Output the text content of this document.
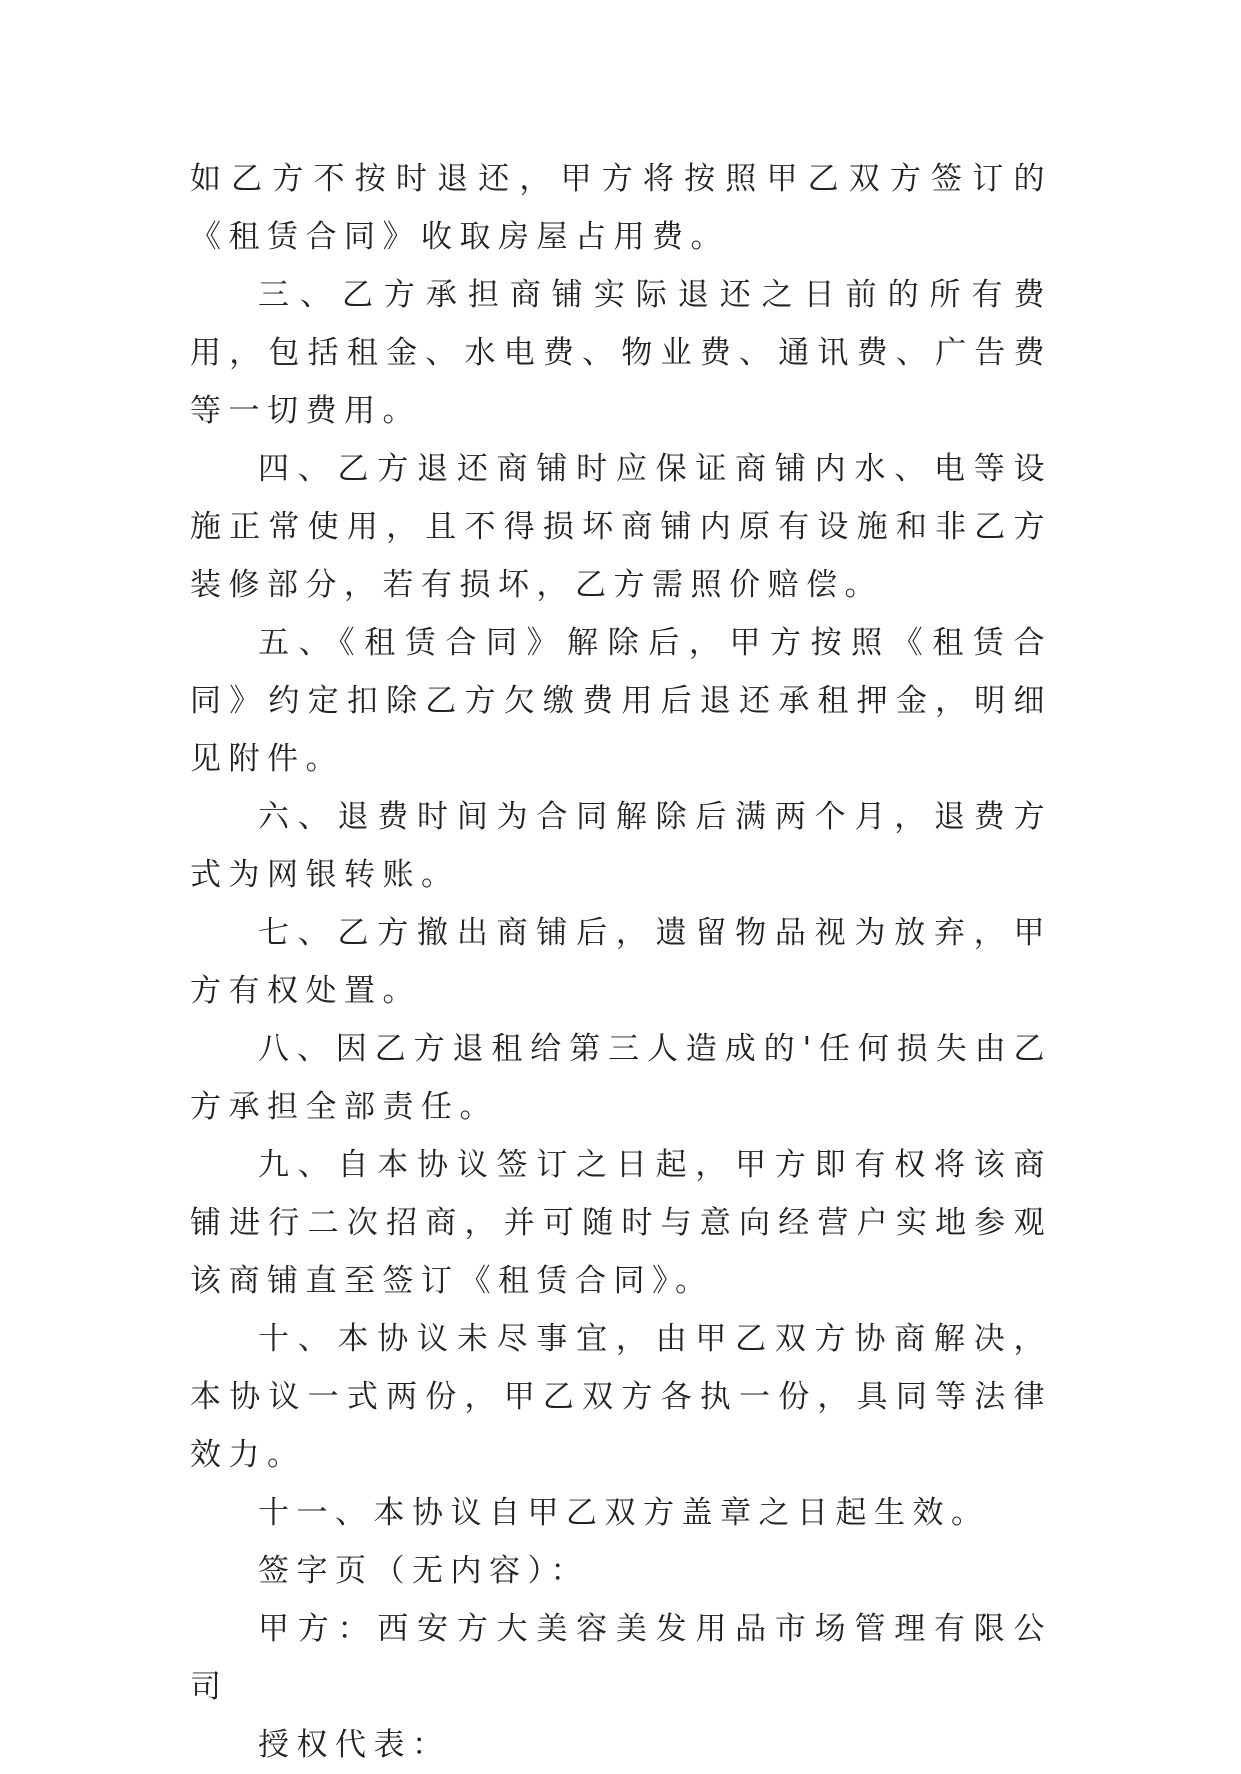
如乙方不按时退还，甲方将按照甲乙双方签订的《租赁合同》收取房屋占用费。

三、乙方承担商铺实际退还之日前的所有费用，包括租金、水电费、物业费、通讯费、广告费等一切费用。

四、乙方退还商铺时应保证商铺内水、电等设施正常使用，且不得损坏商铺内原有设施和非乙方装修部分，若有损坏，乙方需照价赔偿。

五、《租赁合同》解除后，甲方按照《租赁合同》约定扣除乙方欠缴费用后退还承租押金，明细见附件。

六、退费时间为合同解除后满两个月，退费方式为网银转账。

七、乙方撤出商铺后，遗留物品视为放弃，甲方有权处置。

八、因乙方退租给第三人造成的'任何损失由乙方承担全部责任。

九、自本协议签订之日起，甲方即有权将该商铺进行二次招商，并可随时与意向经营户实地参观该商铺直至签订《租赁合同》。

十、本协议未尽事宜，由甲乙双方协商解决，本协议一式两份，甲乙双方各执一份，具同等法律效力。

十一、本协议自甲乙双方盖章之日起生效。

签字页（无内容）：

甲方：西安方大美容美发用品市场管理有限公司

授权代表：
